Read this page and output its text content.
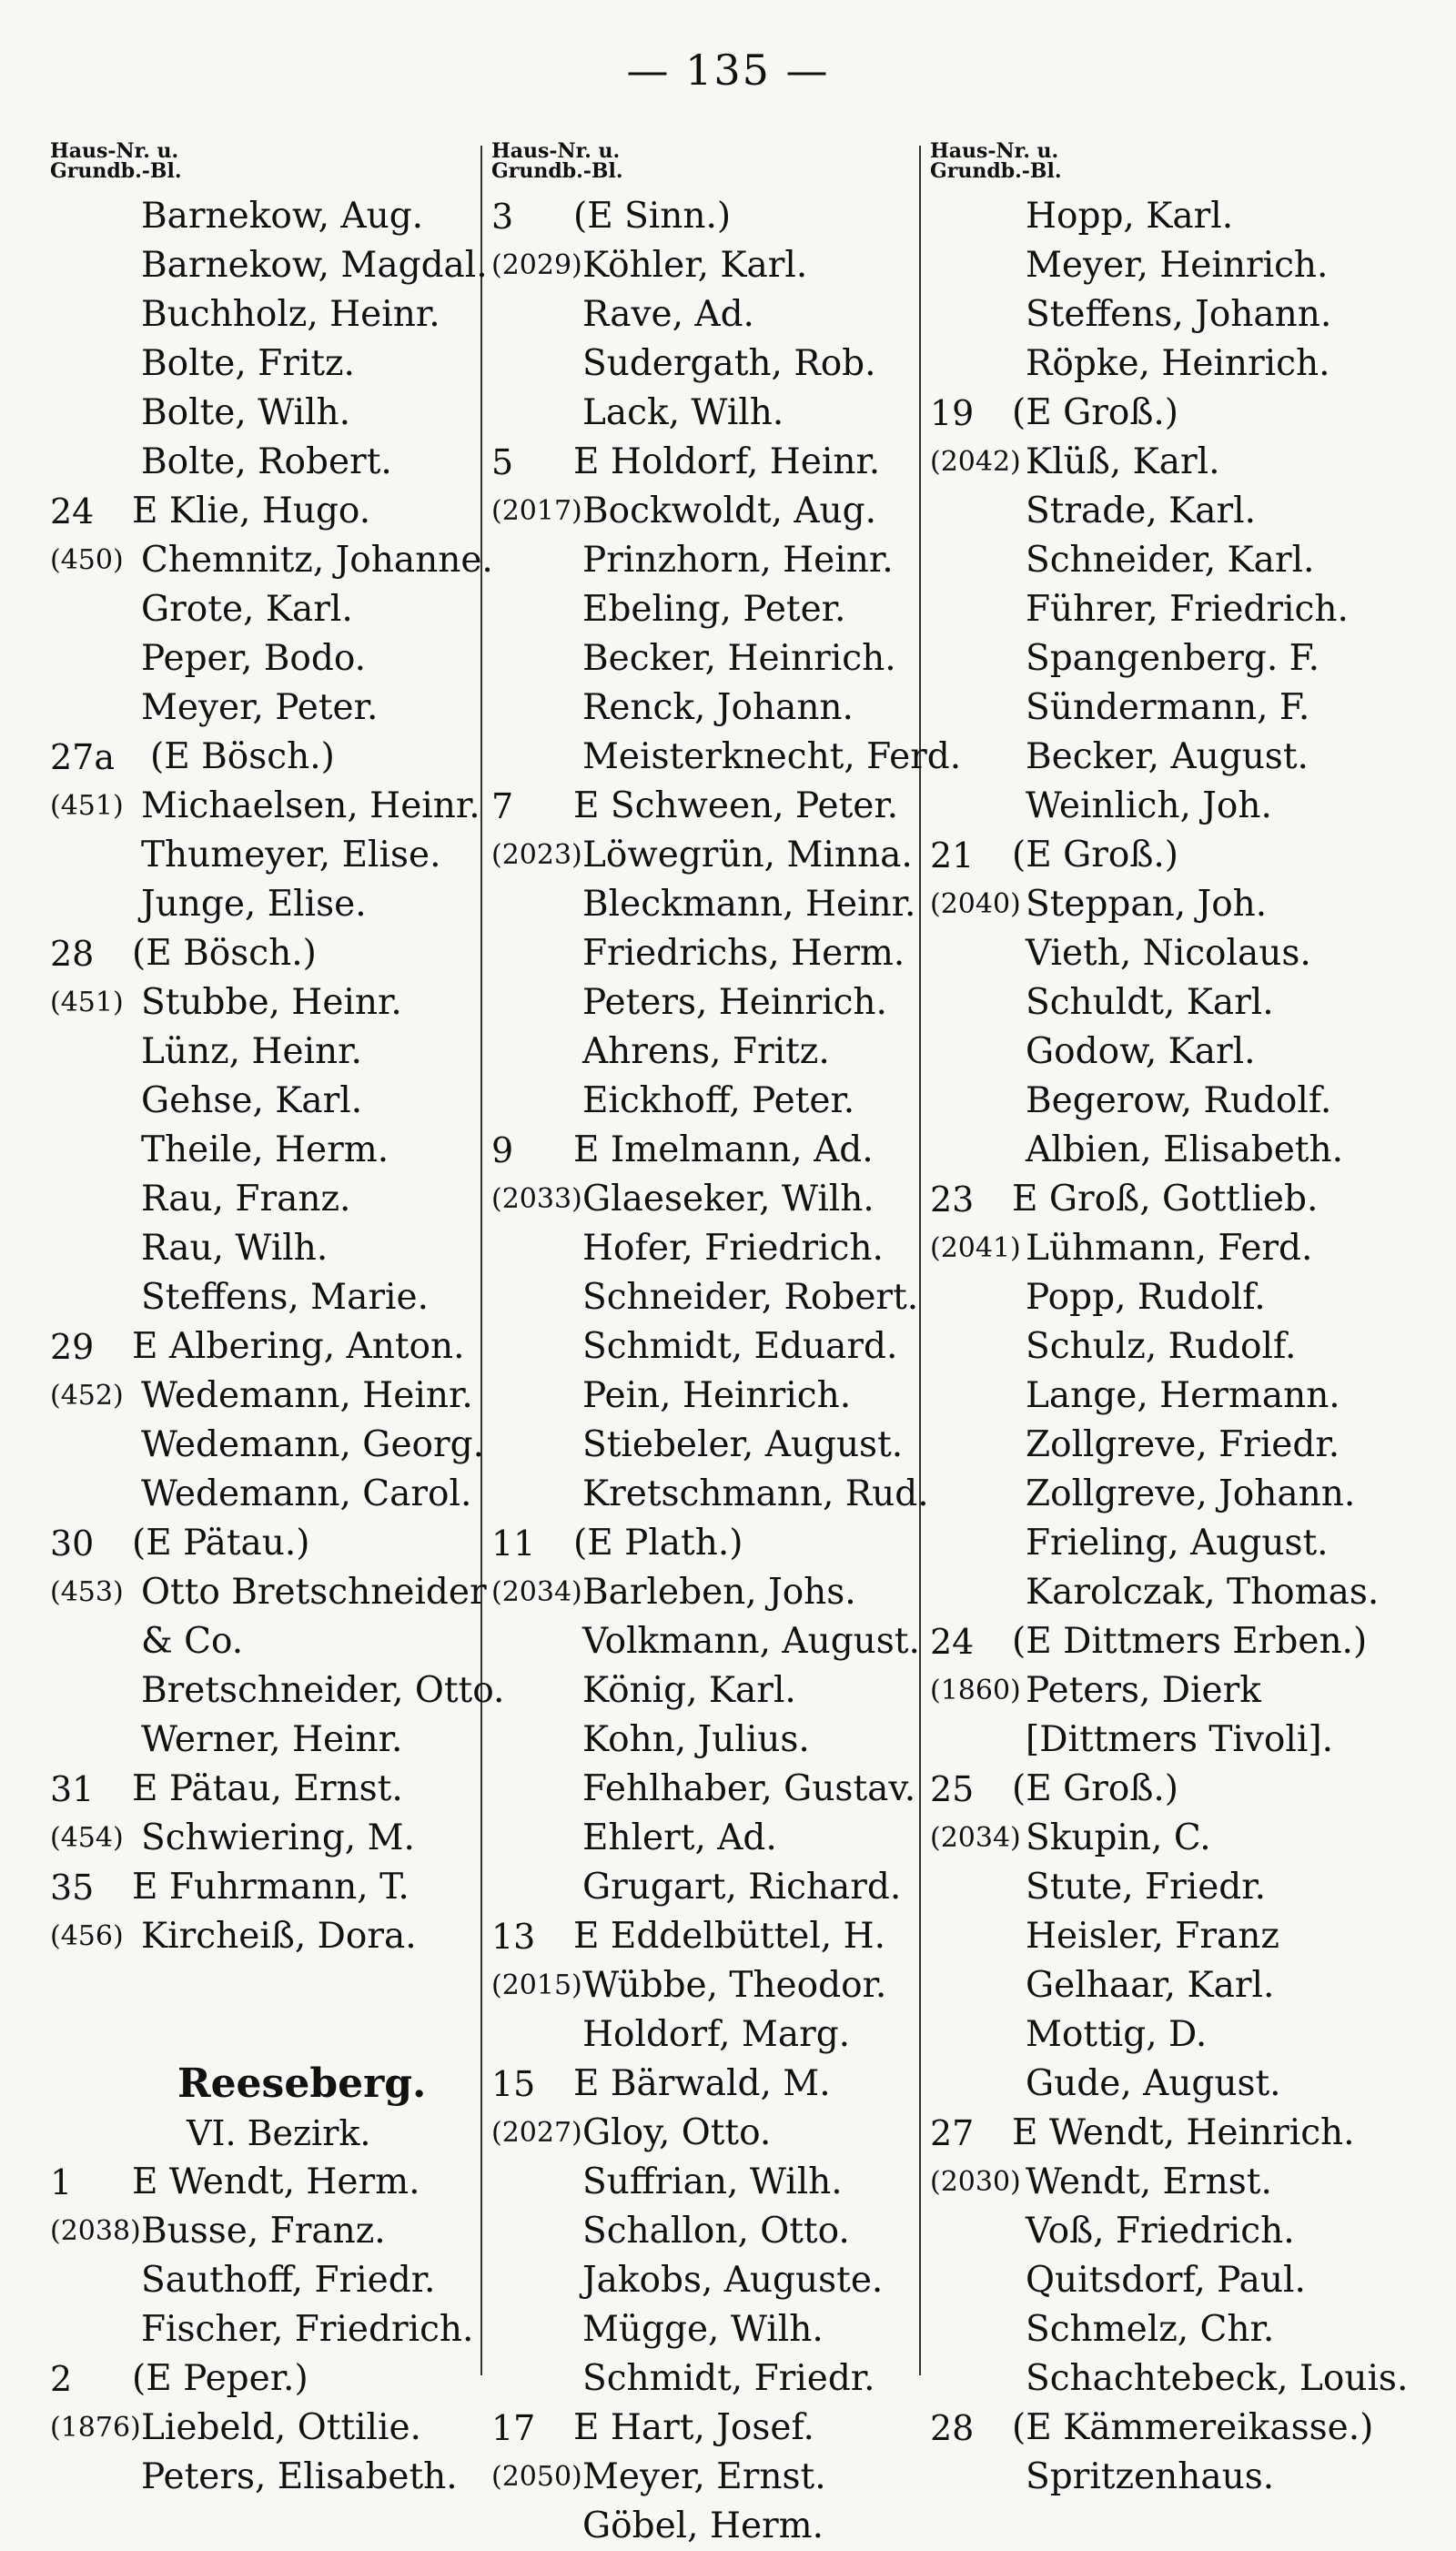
— 135 —
Haus-Nr. u.
Grundb.-Bl.
Barnekow, Aug.
Barnekow, Magdal.
Buchholz, Heinr.
Bolte, Fritz.
Bolte, Wilh.
Bolte, Robert.
24 E Klie, Hugo.
(450) Chemnitz, Johanne.
Grote, Karl.
Peper, Bodo.
Meyer, Peter.
27a (E Bösch.)
(451) Michaelsen, Heinr.
Thumeyer, Elise.
Junge, Elise.
28 (E Bösch.)
(451) Stubbe, Heinr.
Lünz, Heinr.
Gehse, Karl.
Theile, Herm.
Rau, Franz.
Rau, Wilh.
Steffens, Marie.
29 E Albering, Anton.
(452) Wedemann, Heinr.
Wedemann, Georg.
Wedemann, Carol.
30 (E Pätau.)
(453) Otto Bretschneider
& Co.
Bretschneider, Otto.
Werner, Heinr.
31 E Pätau, Ernst.
(454) Schwiering, M.
35 E Fuhrmann, T.
(456) Kircheiß, Dora.
Reeseberg.
VI. Bezirk.
1 E Wendt, Herm.
(2038) Busse, Franz.
Sauthoff, Friedr.
Fischer, Friedrich.
2 (E Peper.)
(1876) Liebeld, Ottilie.
Peters, Elisabeth.
Haus-Nr. u.
Grundb.-Bl.
3 (E Sinn.)
(2029) Köhler, Karl.
Rave, Ad.
Sudergath, Rob.
Lack, Wilh.
5 E Holdorf, Heinr.
(2017) Bockwoldt, Aug.
Prinzhorn, Heinr.
Ebeling, Peter.
Becker, Heinrich.
Renck, Johann.
Meisterknecht, Ferd.
7 E Schween, Peter.
(2023) Löwegrün, Minna.
Bleckmann, Heinr.
Friedrichs, Herm.
Peters, Heinrich.
Ahrens, Fritz.
Eickhoff, Peter.
9 E Imelmann, Ad.
(2033) Glaeseker, Wilh.
Hofer, Friedrich.
Schneider, Robert.
Schmidt, Eduard.
Pein, Heinrich.
Stiebeler, August.
Kretschmann, Rud.
11 (E Plath.)
(2034) Barleben, Johs.
Volkmann, August.
König, Karl.
Kohn, Julius.
Fehlhaber, Gustav.
Ehlert, Ad.
Grugart, Richard.
13 E Eddelbüttel, H.
(2015) Wübbe, Theodor.
Holdorf, Marg.
15 E Bärwald, M.
(2027) Gloy, Otto.
Suffrian, Wilh.
Schallon, Otto.
Jakobs, Auguste.
Mügge, Wilh.
Schmidt, Friedr.
17 E Hart, Josef.
(2050) Meyer, Ernst.
Göbel, Herm.
Haus-Nr. u.
Grundb.-Bl.
Hopp, Karl.
Meyer, Heinrich.
Steffens, Johann.
Röpke, Heinrich.
19 (E Groß.)
(2042) Klüß, Karl.
Strade, Karl.
Schneider, Karl.
Führer, Friedrich.
Spangenberg. F.
Sündermann, F.
Becker, August.
Weinlich, Joh.
21 (E Groß.)
(2040) Steppan, Joh.
Vieth, Nicolaus.
Schuldt, Karl.
Godow, Karl.
Begerow, Rudolf.
Albien, Elisabeth.
23 E Groß, Gottlieb.
(2041) Lühmann, Ferd.
Popp, Rudolf.
Schulz, Rudolf.
Lange, Hermann.
Zollgreve, Friedr.
Zollgreve, Johann.
Frieling, August.
Karolczak, Thomas.
24 (E Dittmers Erben.)
(1860) Peters, Dierk
[Dittmers Tivoli].
25 (E Groß.)
(2034) Skupin, C.
Stute, Friedr.
Heisler, Franz
Gelhaar, Karl.
Mottig, D.
Gude, August.
27 E Wendt, Heinrich.
(2030) Wendt, Ernst.
Voß, Friedrich.
Quitsdorf, Paul.
Schmelz, Chr.
Schachtebeck, Louis.
28 (E Kämmereikasse.)
Spritzenhaus.
